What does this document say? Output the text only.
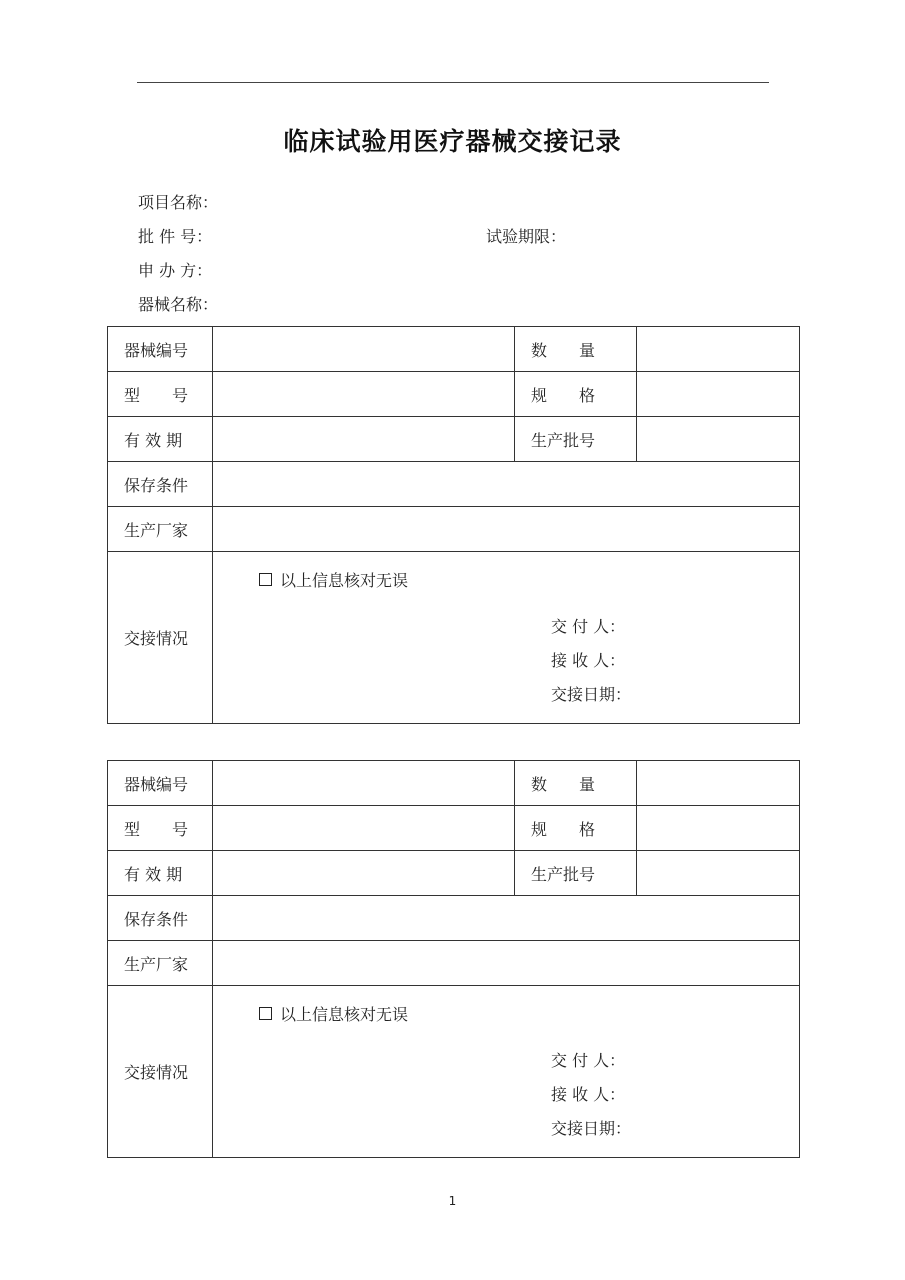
临床试验用医疗器械交接记录
项目名称：
批 件 号：	试验期限：
申 办 方：
器械名称：
器械编号		数　　量	
型　　号		规　　格	
有 效 期		生产批号	
保存条件			
生产厂家			
交接情况	以上信息核对无误
交 付 人：
接 收 人：
交接日期：		
器械编号		数　　量	
型　　号		规　　格	
有 效 期		生产批号	
保存条件			
生产厂家			
交接情况	以上信息核对无误
交 付 人：
接 收 人：
交接日期：		
1
